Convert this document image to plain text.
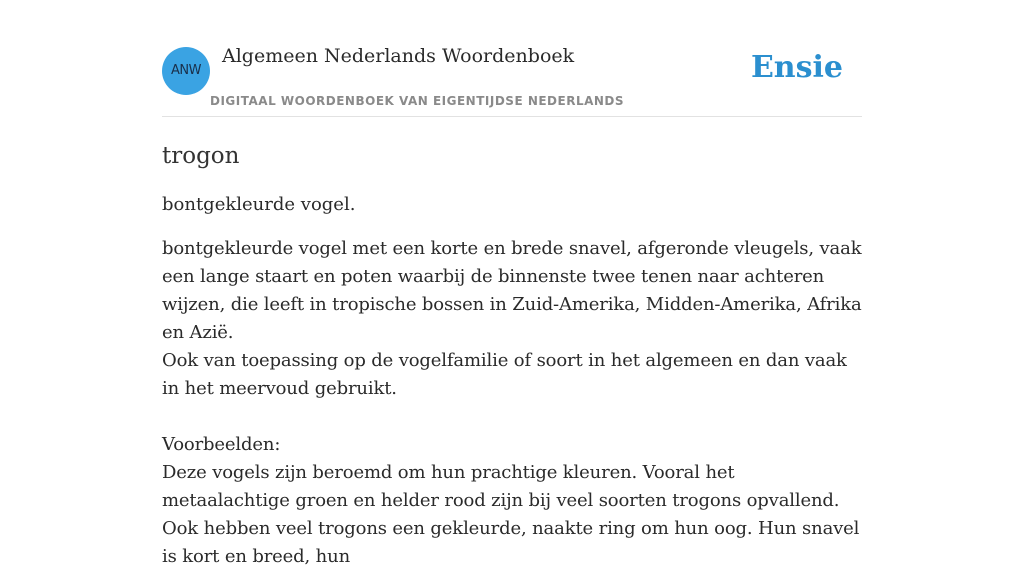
ANW
Algemeen Nederlands Woordenboek
DIGITAAL WOORDENBOEK VAN EIGENTIJDSE NEDERLANDS
Ensie
trogon
bontgekleurde vogel.

bontgekleurde vogel met een korte en brede snavel, afgeronde vleugels, vaak een lange staart en poten waarbij de binnenste twee tenen naar achteren wijzen, die leeft in tropische bossen in Zuid-Amerika, Midden-Amerika, Afrika en Azië.

Ook van toepassing op de vogelfamilie of soort in het algemeen en dan vaak in het meervoud gebruikt.

Voorbeelden:

Deze vogels zijn beroemd om hun prachtige kleuren. Vooral het metaalachtige groen en helder rood zijn bij veel soorten trogons opvallend. Ook hebben veel trogons een gekleurde, naakte ring om hun oog. Hun snavel is kort en breed, hun
